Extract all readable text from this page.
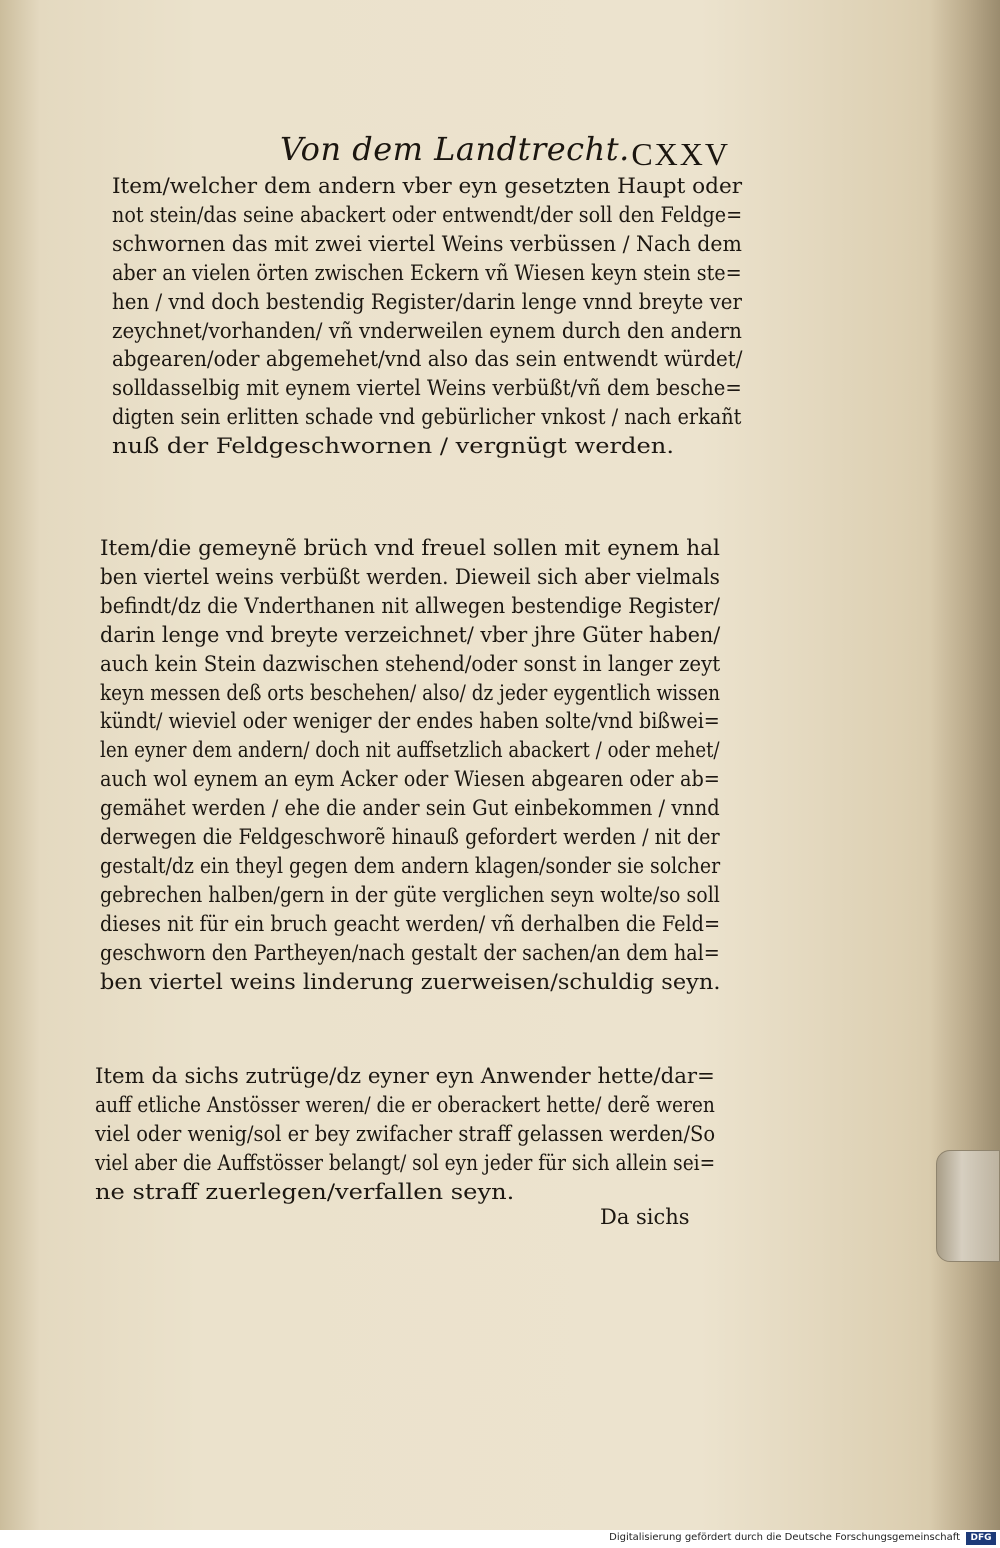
Von dem Landtrecht. CXXV
Item/welcher dem andern vber eyn gesetzten Haupt oder
not stein/das seine abackert oder entwendt/der soll den Feldge=
schwornen das mit zwei viertel Weins verbüssen / Nach dem
aber an vielen örten zwischen Eckern vñ Wiesen keyn stein ste=
hen / vnd doch bestendig Register/darin lenge vnnd breyte ver
zeychnet/vorhanden/ vñ vnderweilen eynem durch den andern
abgearen/oder abgemehet/vnd also das sein entwendt würdet/
solldasselbig mit eynem viertel Weins verbüßt/vñ dem besche=
digten sein erlitten schade vnd gebürlicher vnkost / nach erkañt
nuß der Feldgeschwornen / vergnügt werden.
Item/die gemeynẽ brüch vnd freuel sollen mit eynem hal
ben viertel weins verbüßt werden. Dieweil sich aber vielmals
befindt/dz die Vnderthanen nit allwegen bestendige Register/
darin lenge vnd breyte verzeichnet/ vber jhre Güter haben/
auch kein Stein dazwischen stehend/oder sonst in langer zeyt
keyn messen deß orts beschehen/ also/ dz jeder eygentlich wissen
kündt/ wieviel oder weniger der endes haben solte/vnd bißwei=
len eyner dem andern/ doch nit auffsetzlich abackert / oder mehet/
auch wol eynem an eym Acker oder Wiesen abgearen oder ab=
gemähet werden / ehe die ander sein Gut einbekommen / vnnd
derwegen die Feldgeschworẽ hinauß gefordert werden / nit der
gestalt/dz ein theyl gegen dem andern klagen/sonder sie solcher
gebrechen halben/gern in der güte verglichen seyn wolte/so soll
dieses nit für ein bruch geacht werden/ vñ derhalben die Feld=
geschworn den Partheyen/nach gestalt der sachen/an dem hal=
ben viertel weins linderung zuerweisen/schuldig seyn.
Item da sichs zutrüge/dz eyner eyn Anwender hette/dar=
auff etliche Anstösser weren/ die er oberackert hette/ derẽ weren
viel oder wenig/sol er bey zwifacher straff gelassen werden/So
viel aber die Auffstösser belangt/ sol eyn jeder für sich allein sei=
ne straff zuerlegen/verfallen seyn.
Da sichs
Digitalisierung gefördert durch die Deutsche Forschungsgemeinschaft	DFG
